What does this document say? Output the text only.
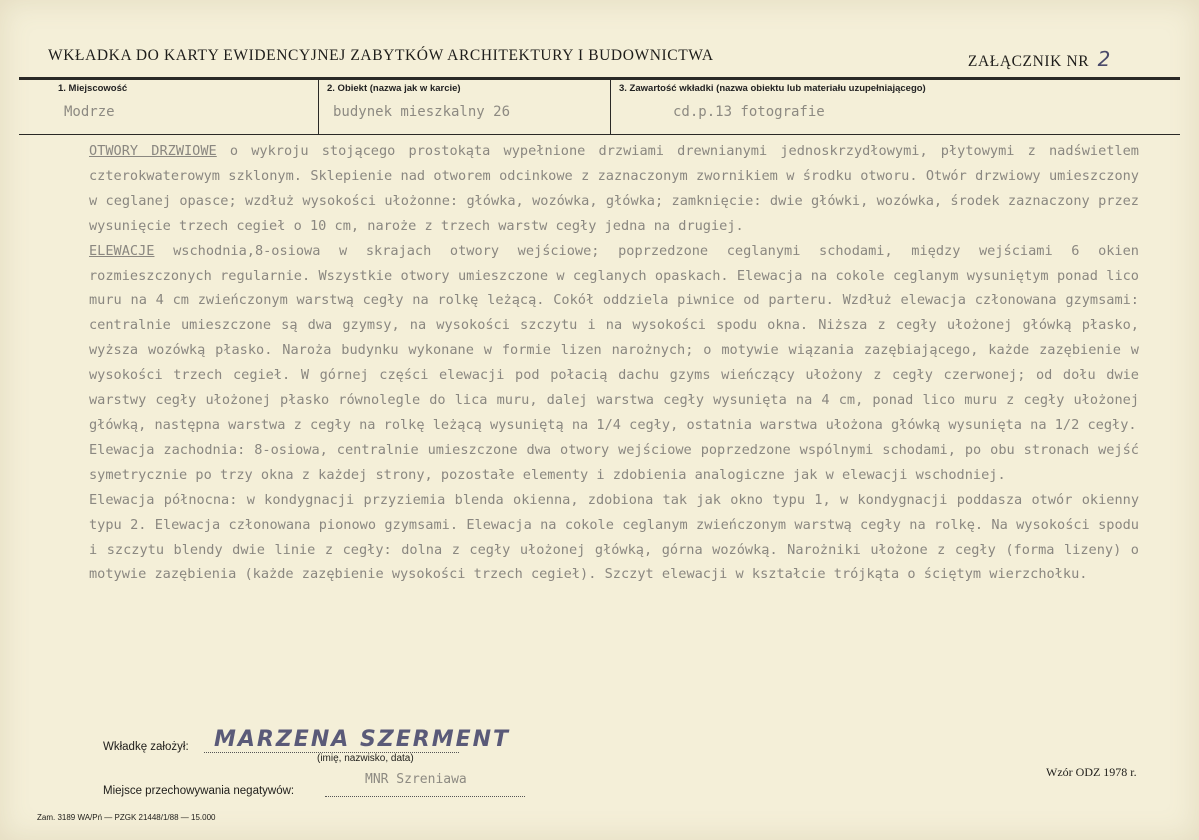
WKŁADKA DO KARTY EWIDENCYJNEJ ZABYTKÓW ARCHITEKTURY I BUDOWNICTWA	ZAŁĄCZNIK NR 2
1. Miejscowość
Modrze
2. Obiekt (nazwa jak w karcie)
budynek mieszkalny 26
3. Zawartość wkładki (nazwa obiektu lub materiału uzupełniającego)
cd.p.13 fotografie

OTWORY DRZWIOWE o wykroju stojącego prostokąta wypełnione drzwiami drewnianymi jednoskrzydłowymi, płytowymi z nadświetlem czterokwaterowym szklonym. Sklepienie nad otworem odcinkowe z zaznaczonym zwornikiem w środku otworu. Otwór drzwiowy umieszczony w ceglanej opasce; wzdłuż wysokości ułożonne: główka, wozówka, główka; zamknięcie: dwie główki, wozówka, środek zaznaczony przez wysunięcie trzech cegieł o 10 cm, naroże z trzech warstw cegły jedna na drugiej.

ELEWACJE wschodnia,8-osiowa w skrajach otwory wejściowe; poprzedzone ceglanymi schodami, między wejściami 6 okien rozmieszczonych regularnie. Wszystkie otwory umieszczone w ceglanych opaskach. Elewacja na cokole ceglanym wysuniętym ponad lico muru na 4 cm zwieńczonym warstwą cegły na rolkę leżącą. Cokół oddziela piwnice od parteru. Wzdłuż elewacja członowana gzymsami: centralnie umieszczone są dwa gzymsy, na wysokości szczytu i na wysokości spodu okna. Niższa z cegły ułożonej główką płasko, wyższa wozówką płasko. Naroża budynku wykonane w formie lizen narożnych; o motywie wiązania zazębiającego, każde zazębienie w wysokości trzech cegieł. W górnej części elewacji pod połacią dachu gzyms wieńczący ułożony z cegły czerwonej; od dołu dwie warstwy cegły ułożonej płasko równolegle do lica muru, dalej warstwa cegły wysunięta na 4 cm, ponad lico muru z cegły ułożonej główką, następna warstwa z cegły na rolkę leżącą wysuniętą na 1/4 cegły, ostatnia warstwa ułożona główką wysunięta na 1/2 cegły.

Elewacja zachodnia: 8-osiowa, centralnie umieszczone dwa otwory wejściowe poprzedzone wspólnymi schodami, po obu stronach wejść symetrycznie po trzy okna z każdej strony, pozostałe elementy i zdobienia analogiczne jak w elewacji wschodniej.

Elewacja północna: w kondygnacji przyziemia blenda okienna, zdobiona tak jak okno typu 1, w kondygnacji poddasza otwór okienny typu 2. Elewacja członowana pionowo gzymsami. Elewacja na cokole ceglanym zwieńczonym warstwą cegły na rolkę. Na wysokości spodu i szczytu blendy dwie linie z cegły: dolna z cegły ułożonej główką, górna wozówką. Narożniki ułożone z cegły (forma lizeny) o motywie zazębienia (każde zazębienie wysokości trzech cegieł). Szczyt elewacji w kształcie trójkąta o ściętym wierzchołku.

Wkładkę założył: MARZENA SZERMENT
(imię, nazwisko, data)
Miejsce przechowywania negatywów:
MNR Szreniawa	Wzór ODZ 1978 r.
Zam. 3189 WA/Pń — PZGK 21448/1/88 — 15.000
